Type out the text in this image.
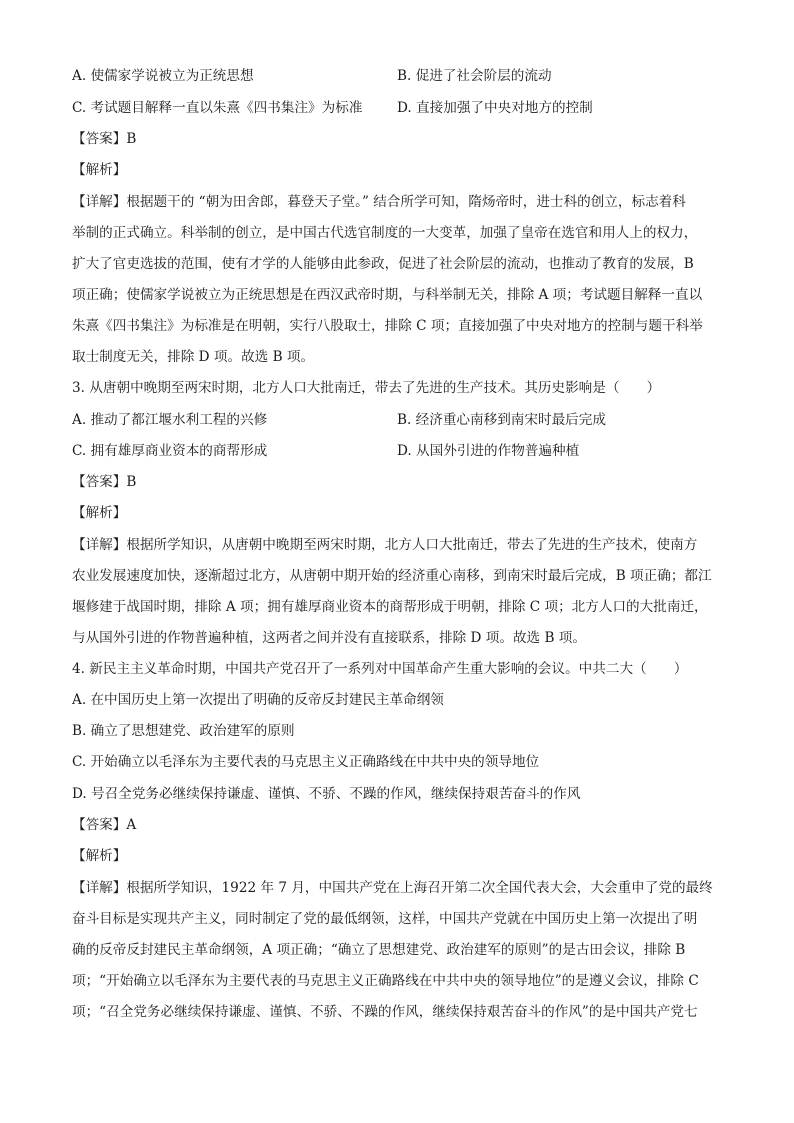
A. 使儒家学说被立为正统思想	B. 促进了社会阶层的流动
C. 考试题目解释一直以朱熹《四书集注》为标准	D. 直接加强了中央对地方的控制
【答案】B
【解析】
【详解】根据题干的 “朝为田舍郎，暮登天子堂。” 结合所学可知，隋炀帝时，进士科的创立，标志着科
举制的正式确立。科举制的创立，是中国古代选官制度的一大变革，加强了皇帝在选官和用人上的权力，
扩大了官吏选拔的范围，使有才学的人能够由此参政，促进了社会阶层的流动，也推动了教育的发展，B
项正确；使儒家学说被立为正统思想是在西汉武帝时期，与科举制无关，排除 A 项；考试题目解释一直以
朱熹《四书集注》为标准是在明朝，实行八股取士，排除 C 项；直接加强了中央对地方的控制与题干科举
取士制度无关，排除 D 项。故选 B 项。
3. 从唐朝中晚期至两宋时期，北方人口大批南迁，带去了先进的生产技术。其历史影响是（　　）
A. 推动了都江堰水利工程的兴修	B. 经济重心南移到南宋时最后完成
C. 拥有雄厚商业资本的商帮形成	D. 从国外引进的作物普遍种植
【答案】B
【解析】
【详解】根据所学知识，从唐朝中晚期至两宋时期，北方人口大批南迁，带去了先进的生产技术，使南方
农业发展速度加快，逐渐超过北方，从唐朝中期开始的经济重心南移，到南宋时最后完成，B 项正确；都江
堰修建于战国时期，排除 A 项；拥有雄厚商业资本的商帮形成于明朝，排除 C 项；北方人口的大批南迁，
与从国外引进的作物普遍种植，这两者之间并没有直接联系，排除 D 项。故选 B 项。
4. 新民主主义革命时期，中国共产党召开了一系列对中国革命产生重大影响的会议。中共二大（　　）
A. 在中国历史上第一次提出了明确的反帝反封建民主革命纲领
B. 确立了思想建党、政治建军的原则
C. 开始确立以毛泽东为主要代表的马克思主义正确路线在中共中央的领导地位
D. 号召全党务必继续保持谦虚、谨慎、不骄、不躁的作风，继续保持艰苦奋斗的作风
【答案】A
【解析】
【详解】根据所学知识，1922 年 7 月，中国共产党在上海召开第二次全国代表大会，大会重申了党的最终
奋斗目标是实现共产主义，同时制定了党的最低纲领，这样，中国共产党就在中国历史上第一次提出了明
确的反帝反封建民主革命纲领，A 项正确；“确立了思想建党、政治建军的原则”的是古田会议，排除 B
项；“开始确立以毛泽东为主要代表的马克思主义正确路线在中共中央的领导地位”的是遵义会议，排除 C
项；“召全党务必继续保持谦虚、谨慎、不骄、不躁的作风，继续保持艰苦奋斗的作风”的是中国共产党七
